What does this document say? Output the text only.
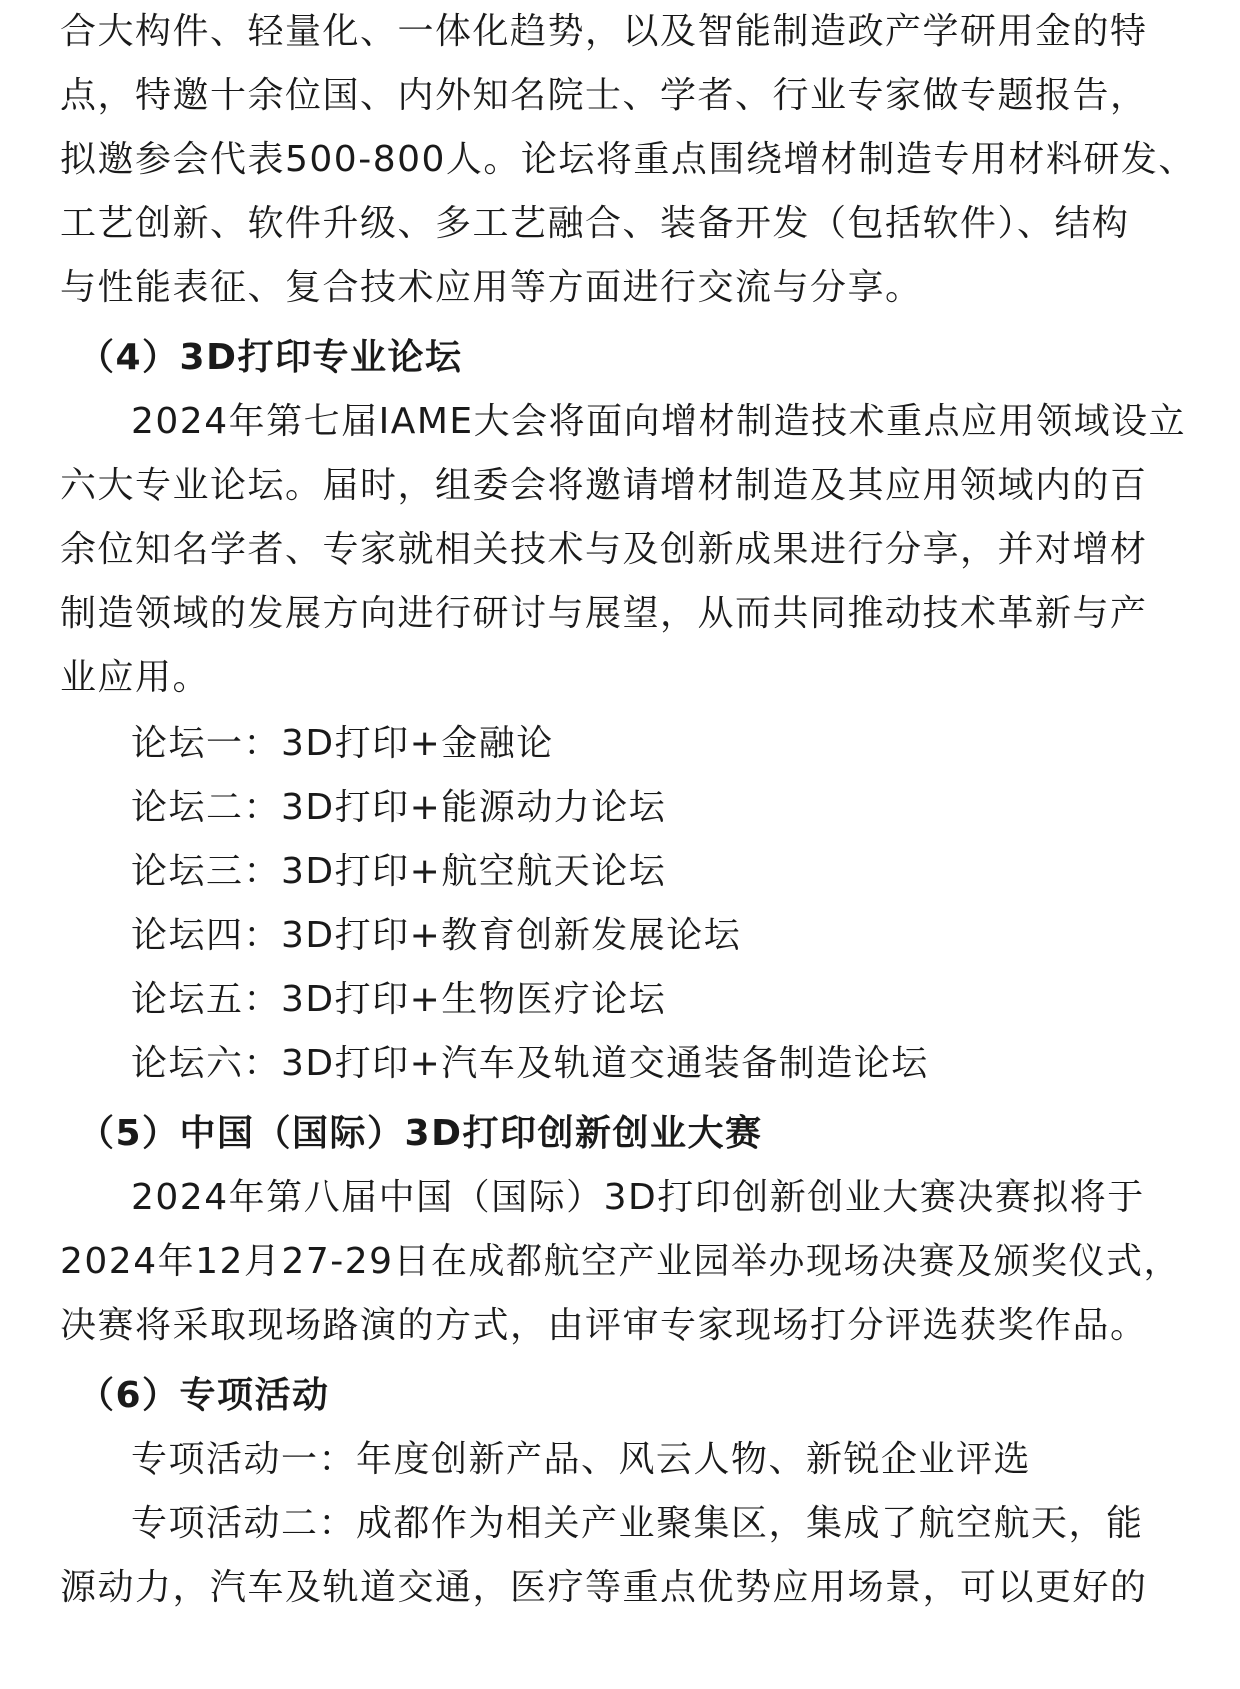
合大构件、轻量化、一体化趋势，以及智能制造政产学研用金的特
点，特邀十余位国、内外知名院士、学者、行业专家做专题报告，
拟邀参会代表500-800人。论坛将重点围绕增材制造专用材料研发、
工艺创新、软件升级、多工艺融合、装备开发（包括软件）、结构
与性能表征、复合技术应用等方面进行交流与分享。
（4）3D打印专业论坛
2024年第七届IAME大会将面向增材制造技术重点应用领域设立
六大专业论坛。届时，组委会将邀请增材制造及其应用领域内的百
余位知名学者、专家就相关技术与及创新成果进行分享，并对增材
制造领域的发展方向进行研讨与展望，从而共同推动技术革新与产
业应用。
论坛一：3D打印+金融论
论坛二：3D打印+能源动力论坛
论坛三：3D打印+航空航天论坛
论坛四：3D打印+教育创新发展论坛
论坛五：3D打印+生物医疗论坛
论坛六：3D打印+汽车及轨道交通装备制造论坛
（5）中国（国际）3D打印创新创业大赛
2024年第八届中国（国际）3D打印创新创业大赛决赛拟将于
2024年12月27-29日在成都航空产业园举办现场决赛及颁奖仪式，
决赛将采取现场路演的方式，由评审专家现场打分评选获奖作品。
（6）专项活动
专项活动一：年度创新产品、风云人物、新锐企业评选
专项活动二：成都作为相关产业聚集区，集成了航空航天，能
源动力，汽车及轨道交通，医疗等重点优势应用场景，可以更好的
